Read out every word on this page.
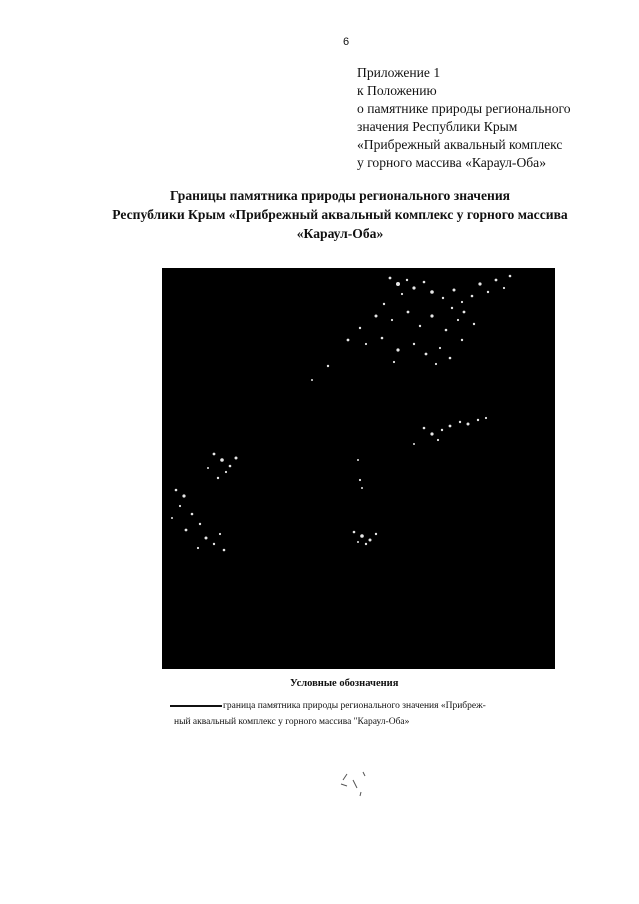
6
Приложение 1
к Положению
о памятнике природы регионального
значения Республики Крым
«Прибрежный аквальный комплекс
у горного массива «Караул-Оба»
Границы памятника природы регионального значения
Республики Крым «Прибрежный аквальный комплекс у горного массива
«Караул-Оба»
Условные обозначения
границa памятника природы регионального значения «Прибреж-
ный аквальный комплекс у горного массива "Караул-Оба»
